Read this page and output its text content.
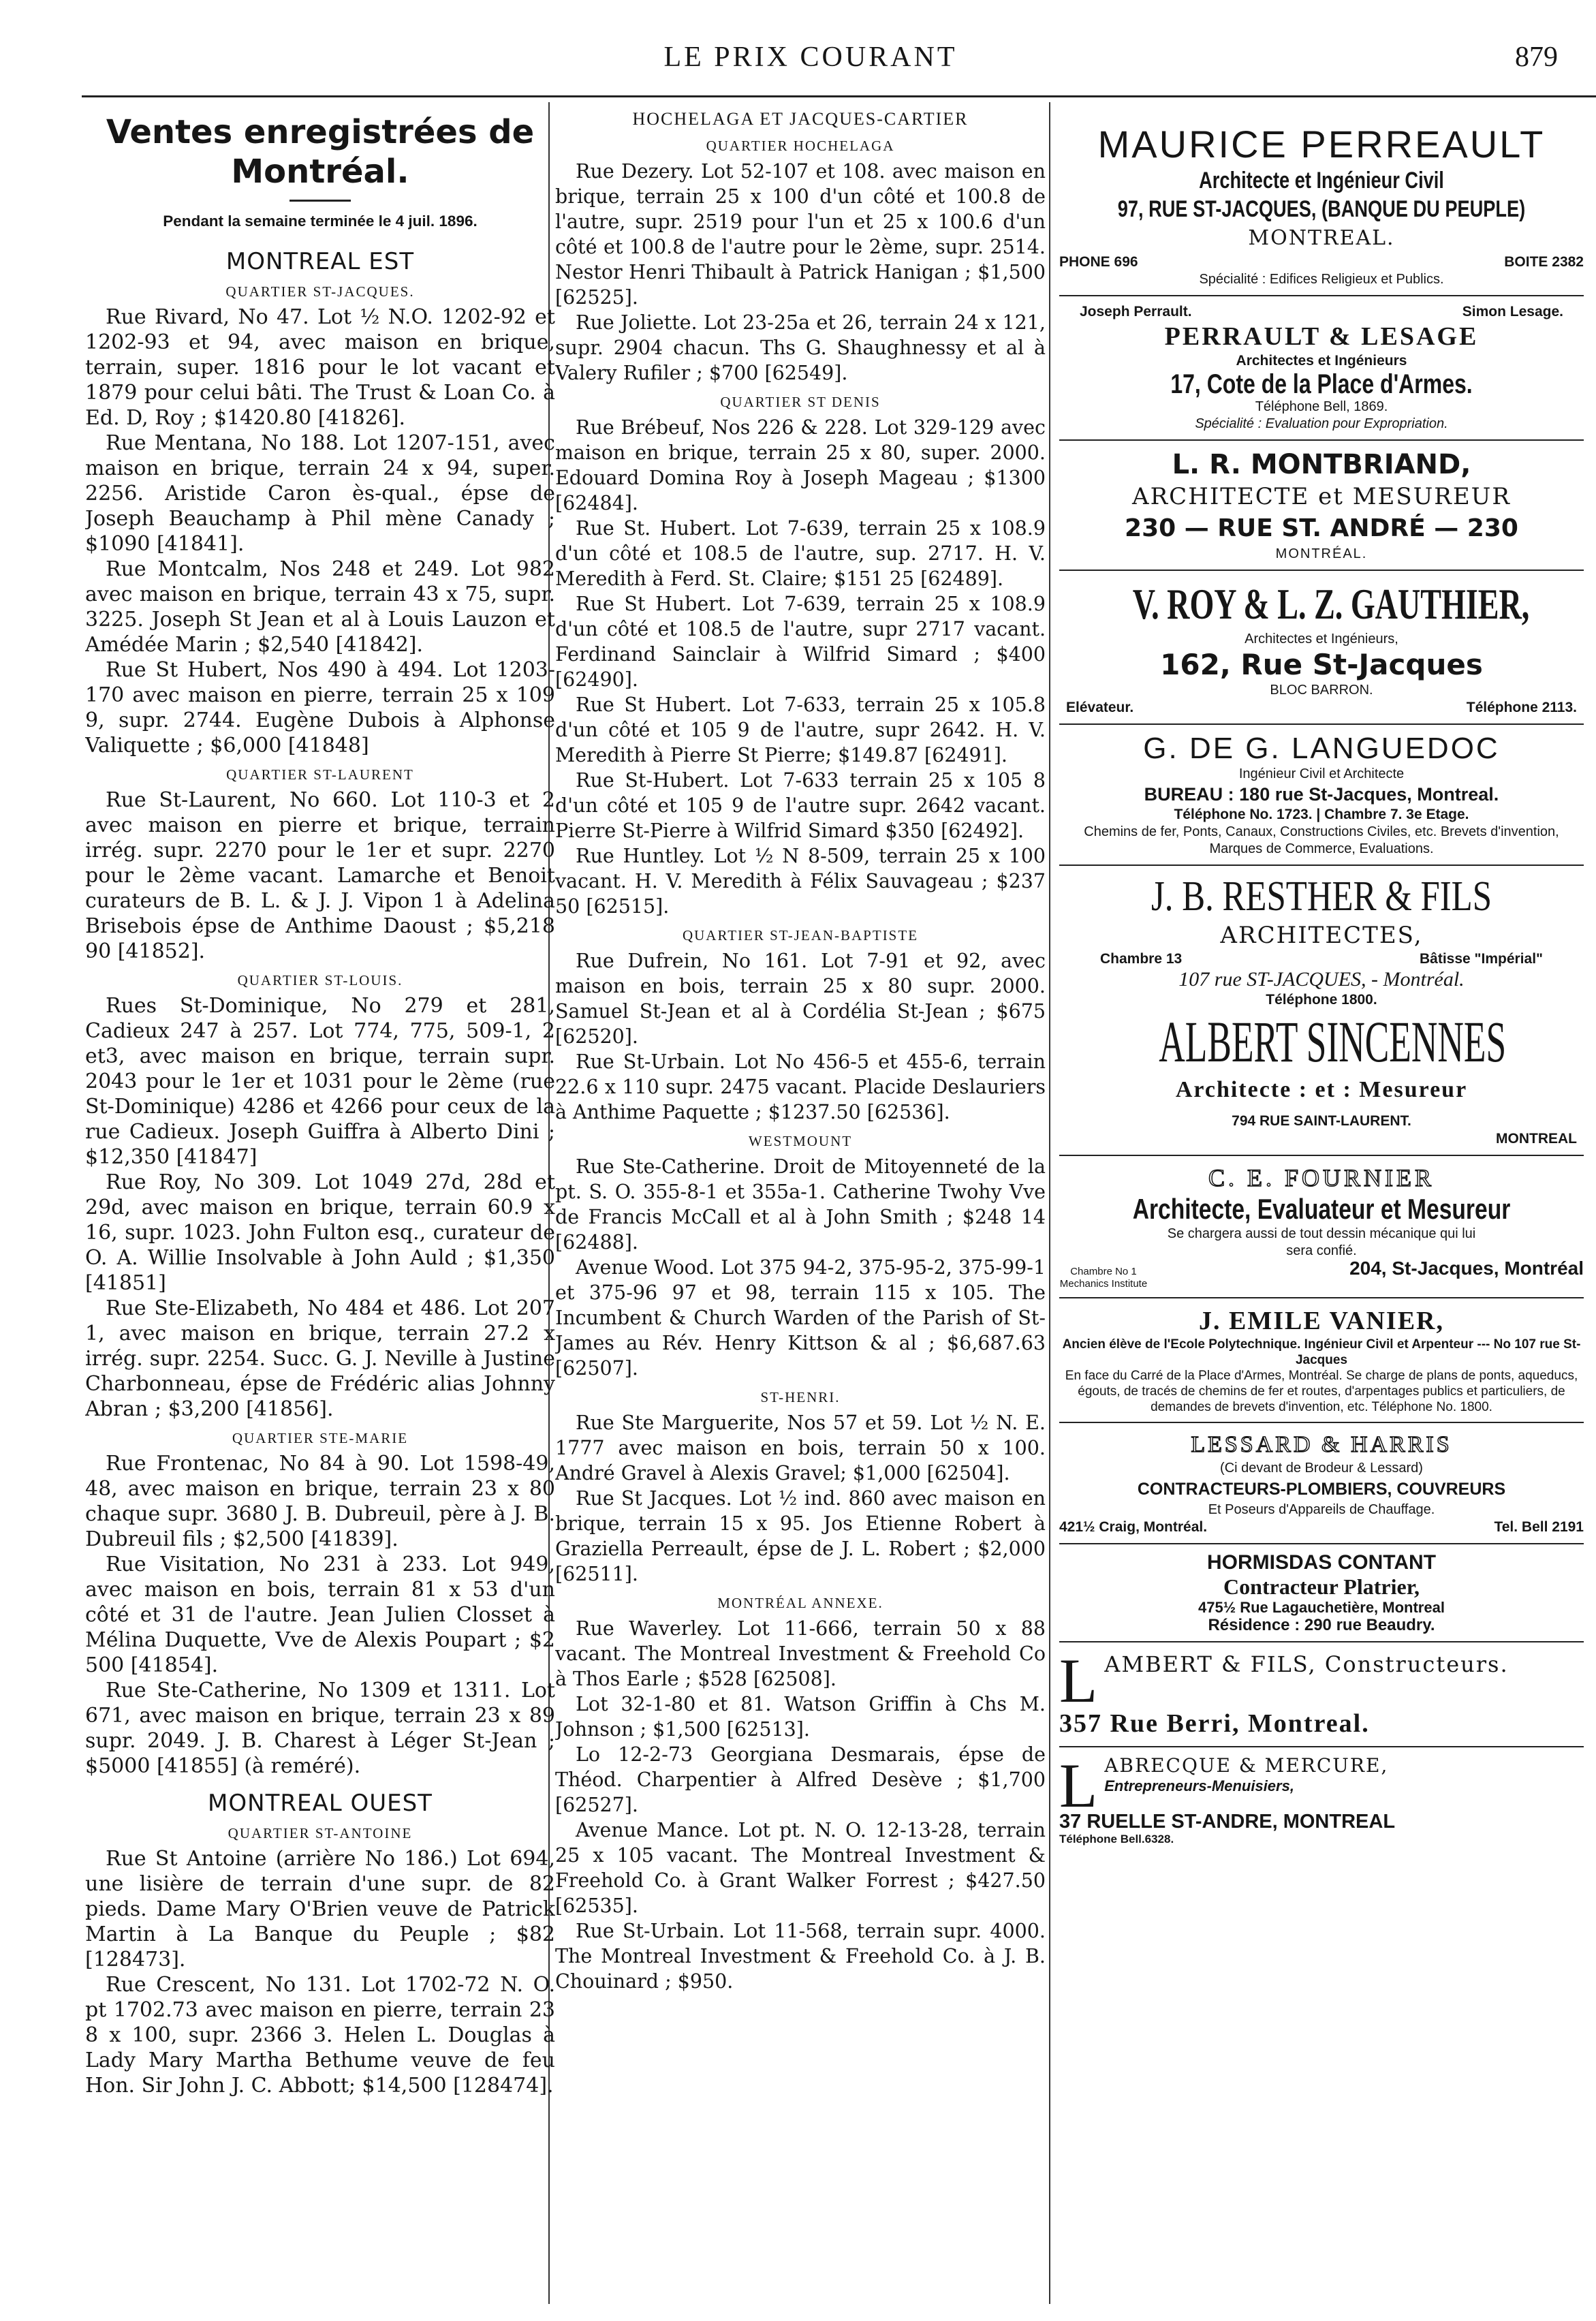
LE PRIX COURANT	879
Ventes enregistrées de Montréal.
Pendant la semaine terminée le 4 juil. 1896.
MONTREAL EST
QUARTIER ST-JACQUES.

Rue Rivard, No 47. Lot ½ N.O. 1202-92 et 1202-93 et 94, avec maison en brique, terrain, super. 1816 pour le lot vacant et 1879 pour celui bâti. The Trust & Loan Co. à Ed. D, Roy ; $1420.80 [41826].

Rue Mentana, No 188. Lot 1207-151, avec maison en brique, terrain 24 x 94, super. 2256. Aristide Caron ès-qual., épse de Joseph Beauchamp à Phil mène Canady ; $1090 [41841].

Rue Montcalm, Nos 248 et 249. Lot 982 avec maison en brique, terrain 43 x 75, supr. 3225. Joseph St Jean et al à Louis Lauzon et Amédée Marin ; $2,540 [41842].

Rue St Hubert, Nos 490 à 494. Lot 1203-170 avec maison en pierre, terrain 25 x 109 9, supr. 2744. Eugène Dubois à Alphonse Valiquette ; $6,000 [41848]

QUARTIER ST-LAURENT

Rue St-Laurent, No 660. Lot 110-3 et 2 avec maison en pierre et brique, terrain irrég. supr. 2270 pour le 1er et supr. 2270 pour le 2ème vacant. Lamarche et Benoit curateurs de B. L. & J. J. Vipon 1 à Adelina Brisebois épse de Anthime Daoust ; $5,218 90 [41852].

QUARTIER ST-LOUIS.

Rues St-Dominique, No 279 et 281, Cadieux 247 à 257. Lot 774, 775, 509-1, 2 et3, avec maison en brique, terrain supr. 2043 pour le 1er et 1031 pour le 2ème (rue St-Dominique) 4286 et 4266 pour ceux de la rue Cadieux. Joseph Guiffra à Alberto Dini ; $12,350 [41847]

Rue Roy, No 309. Lot 1049 27d, 28d et 29d, avec maison en brique, terrain 60.9 x 16, supr. 1023. John Fulton esq., curateur de O. A. Willie Insolvable à John Auld ; $1,350 [41851]

Rue Ste-Elizabeth, No 484 et 486. Lot 207 1, avec maison en brique, terrain 27.2 x irrég. supr. 2254. Succ. G. J. Neville à Justine Charbonneau, épse de Frédéric alias Johnny Abran ; $3,200 [41856].

QUARTIER STE-MARIE

Rue Frontenac, No 84 à 90. Lot 1598-49, 48, avec maison en brique, terrain 23 x 80 chaque supr. 3680 J. B. Dubreuil, père à J. B. Dubreuil fils ; $2,500 [41839].

Rue Visitation, No 231 à 233. Lot 949, avec maison en bois, terrain 81 x 53 d'un côté et 31 de l'autre. Jean Julien Closset à Mélina Duquette, Vve de Alexis Poupart ; $2 500 [41854].

Rue Ste-Catherine, No 1309 et 1311. Lot 671, avec maison en brique, terrain 23 x 89 supr. 2049. J. B. Charest à Léger St-Jean ; $5000 [41855] (à reméré).

MONTREAL OUEST
QUARTIER ST-ANTOINE

Rue St Antoine (arrière No 186.) Lot 694, une lisière de terrain d'une supr. de 82 pieds. Dame Mary O'Brien veuve de Patrick Martin à La Banque du Peuple ; $82 [128473].

Rue Crescent, No 131. Lot 1702-72 N. O. pt 1702.73 avec maison en pierre, terrain 23 8 x 100, supr. 2366 3. Helen L. Douglas à Lady Mary Martha Bethume veuve de feu Hon. Sir John J. C. Abbott; $14,500 [128474].

HOCHELAGA ET JACQUES-CARTIER
QUARTIER HOCHELAGA

Rue Dezery. Lot 52-107 et 108. avec maison en brique, terrain 25 x 100 d'un côté et 100.8 de l'autre, supr. 2519 pour l'un et 25 x 100.6 d'un côté et 100.8 de l'autre pour le 2ème, supr. 2514. Nestor Henri Thibault à Patrick Hanigan ; $1,500 [62525].

Rue Joliette. Lot 23-25a et 26, terrain 24 x 121, supr. 2904 chacun. Ths G. Shaughnessy et al à Valery Rufiler ; $700 [62549].

QUARTIER ST DENIS

Rue Brébeuf, Nos 226 & 228. Lot 329-129 avec maison en brique, terrain 25 x 80, super. 2000. Edouard Domina Roy à Joseph Mageau ; $1300 [62484].

Rue St. Hubert. Lot 7-639, terrain 25 x 108.9 d'un côté et 108.5 de l'autre, sup. 2717. H. V. Meredith à Ferd. St. Claire; $151 25 [62489].

Rue St Hubert. Lot 7-639, terrain 25 x 108.9 d'un côté et 108.5 de l'autre, supr 2717 vacant. Ferdinand Sainclair à Wilfrid Simard ; $400 [62490].

Rue St Hubert. Lot 7-633, terrain 25 x 105.8 d'un côté et 105 9 de l'autre, supr 2642. H. V. Meredith à Pierre St Pierre; $149.87 [62491].

Rue St-Hubert. Lot 7-633 terrain 25 x 105 8 d'un côté et 105 9 de l'autre supr. 2642 vacant. Pierre St-Pierre à Wilfrid Simard $350 [62492].

Rue Huntley. Lot ½ N 8-509, terrain 25 x 100 vacant. H. V. Meredith à Félix Sauvageau ; $237 50 [62515].

QUARTIER ST-JEAN-BAPTISTE

Rue Dufrein, No 161. Lot 7-91 et 92, avec maison en bois, terrain 25 x 80 supr. 2000. Samuel St-Jean et al à Cordélia St-Jean ; $675 [62520].

Rue St-Urbain. Lot No 456-5 et 455-6, terrain 22.6 x 110 supr. 2475 vacant. Placide Deslauriers à Anthime Paquette ; $1237.50 [62536].

WESTMOUNT

Rue Ste-Catherine. Droit de Mitoyenneté de la pt. S. O. 355-8-1 et 355a-1. Catherine Twohy Vve de Francis McCall et al à John Smith ; $248 14 [62488].

Avenue Wood. Lot 375 94-2, 375-95-2, 375-99-1 et 375-96 97 et 98, terrain 115 x 105. The Incumbent & Church Warden of the Parish of St-James au Rév. Henry Kittson & al ; $6,687.63 [62507].

ST-HENRI.

Rue Ste Marguerite, Nos 57 et 59. Lot ½ N. E. 1777 avec maison en bois, terrain 50 x 100. André Gravel à Alexis Gravel; $1,000 [62504].

Rue St Jacques. Lot ½ ind. 860 avec maison en brique, terrain 15 x 95. Jos Etienne Robert à Graziella Perreault, épse de J. L. Robert ; $2,000 [62511].

MONTRÉAL ANNEXE.

Rue Waverley. Lot 11-666, terrain 50 x 88 vacant. The Montreal Investment & Freehold Co à Thos Earle ; $528 [62508].

Lot 32-1-80 et 81. Watson Griffin à Chs M. Johnson ; $1,500 [62513].

Lo 12-2-73 Georgiana Desmarais, épse de Théod. Charpentier à Alfred Desève ; $1,700 [62527].

Avenue Mance. Lot pt. N. O. 12-13-28, terrain 25 x 105 vacant. The Montreal Investment & Freehold Co. à Grant Walker Forrest ; $427.50 [62535].

Rue St-Urbain. Lot 11-568, terrain supr. 4000. The Montreal Investment & Freehold Co. à J. B. Chouinard ; $950.

MAURICE PERREAULT
Architecte et Ingénieur Civil
97, RUE ST-JACQUES, (BANQUE DU PEUPLE)
MONTREAL.
PHONE 696	BOITE 2382
Spécialité : Edifices Religieux et Publics.
Joseph Perrault.	Simon Lesage.
PERRAULT & LESAGE
Architectes et Ingénieurs
17, Cote de la Place d'Armes.
Téléphone Bell, 1869.
Spécialité : Evaluation pour Expropriation.
L. R. MONTBRIAND,
ARCHITECTE et MESUREUR
230 — RUE ST. ANDRÉ — 230
MONTRÉAL.
V. ROY & L. Z. GAUTHIER,
Architectes et Ingénieurs,
162, Rue St-Jacques
BLOC BARRON.
Elévateur.	Téléphone 2113.
G. DE G. LANGUEDOC
Ingénieur Civil et Architecte
BUREAU : 180 rue St-Jacques, Montreal.
Téléphone No. 1723. | Chambre 7. 3e Etage.
Chemins de fer, Ponts, Canaux, Constructions Civiles, etc. Brevets d'invention, Marques de Commerce, Evaluations.
J. B. RESTHER & FILS
ARCHITECTES,
Chambre 13	Bâtisse "Impérial"
107 rue ST-JACQUES, - Montréal.
Téléphone 1800.
ALBERT SINCENNES
Architecte : et : Mesureur
794 RUE SAINT-LAURENT.
MONTREAL
C. E. FOURNIER
Architecte, Evaluateur et Mesureur
Se chargera aussi de tout dessin mécanique qui lui sera confié.
Chambre No 1 Mechanics Institute
204, St-Jacques, Montréal
J. EMILE VANIER,
Ancien élève de l'Ecole Polytechnique. Ingénieur Civil et Arpenteur --- No 107 rue St-Jacques
En face du Carré de la Place d'Armes, Montréal. Se charge de plans de ponts, aqueducs, égouts, de tracés de chemins de fer et routes, d'arpentages publics et particuliers, de demandes de brevets d'invention, etc. Téléphone No. 1800.
LESSARD & HARRIS
(Ci devant de Brodeur & Lessard)
CONTRACTEURS-PLOMBIERS, COUVREURS
Et Poseurs d'Appareils de Chauffage.
421½ Craig, Montréal.	Tel. Bell 2191
HORMISDAS CONTANT
Contracteur Platrier,
475½ Rue Lagauchetière, Montreal
Résidence : 290 rue Beaudry.
L AMBERT & FILS, Constructeurs.
357 Rue Berri, Montreal.
L ABRECQUE & MERCURE,
Entrepreneurs-Menuisiers,
37 RUELLE ST-ANDRE, MONTREAL
Téléphone Bell.6328.
